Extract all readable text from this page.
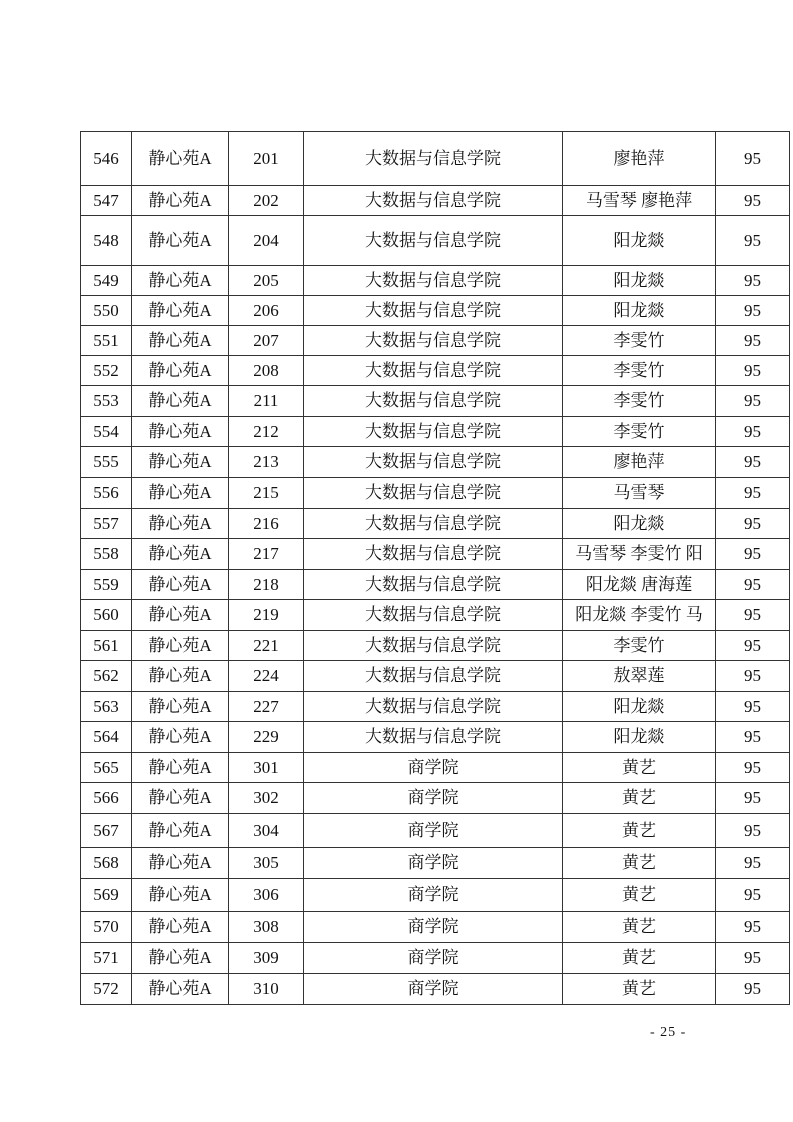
546	静心苑A	201	大数据与信息学院	廖艳萍	95
547	静心苑A	202	大数据与信息学院	马雪琴 廖艳萍	95
548	静心苑A	204	大数据与信息学院	阳龙燚	95
549	静心苑A	205	大数据与信息学院	阳龙燚	95
550	静心苑A	206	大数据与信息学院	阳龙燚	95
551	静心苑A	207	大数据与信息学院	李雯竹	95
552	静心苑A	208	大数据与信息学院	李雯竹	95
553	静心苑A	211	大数据与信息学院	李雯竹	95
554	静心苑A	212	大数据与信息学院	李雯竹	95
555	静心苑A	213	大数据与信息学院	廖艳萍	95
556	静心苑A	215	大数据与信息学院	马雪琴	95
557	静心苑A	216	大数据与信息学院	阳龙燚	95
558	静心苑A	217	大数据与信息学院	马雪琴 李雯竹 阳	95
559	静心苑A	218	大数据与信息学院	阳龙燚 唐海莲	95
560	静心苑A	219	大数据与信息学院	阳龙燚 李雯竹 马	95
561	静心苑A	221	大数据与信息学院	李雯竹	95
562	静心苑A	224	大数据与信息学院	敖翠莲	95
563	静心苑A	227	大数据与信息学院	阳龙燚	95
564	静心苑A	229	大数据与信息学院	阳龙燚	95
565	静心苑A	301	商学院	黄艺	95
566	静心苑A	302	商学院	黄艺	95
567	静心苑A	304	商学院	黄艺	95
568	静心苑A	305	商学院	黄艺	95
569	静心苑A	306	商学院	黄艺	95
570	静心苑A	308	商学院	黄艺	95
571	静心苑A	309	商学院	黄艺	95
572	静心苑A	310	商学院	黄艺	95
- 25 -
